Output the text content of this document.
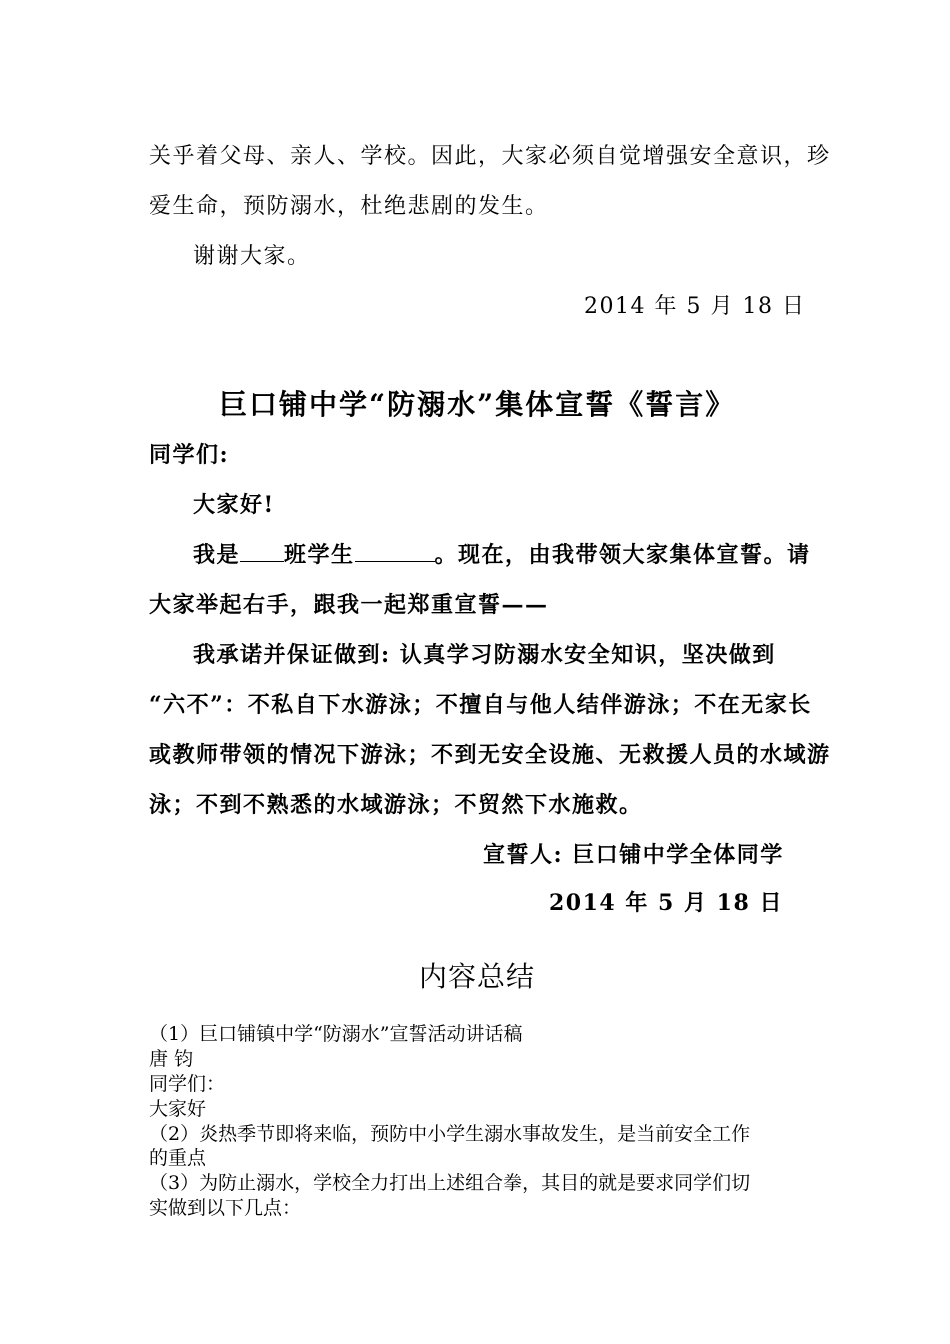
关乎着父母、亲人、学校。因此，大家必须自觉增强安全意识，珍
爱生命，预防溺水，杜绝悲剧的发生。
谢谢大家。
2014 年 5 月 18 日
巨口铺中学“防溺水”集体宣誓《誓言》
同学们:
大家好!
我是 班学生	。现在，由我带领大家集体宣誓。请
大家举起右手，跟我一起郑重宣誓——
我承诺并保证做到: 认真学习防溺水安全知识，坚决做到
“六不”：不私自下水游泳；不擅自与他人结伴游泳；不在无家长
或教师带领的情况下游泳；不到无安全设施、无救援人员的水域游
泳；不到不熟悉的水域游泳；不贸然下水施救。
宣誓人: 巨口铺中学全体同学
2014 年 5 月 18 日
内容总结
（1）巨口铺镇中学“防溺水”宣誓活动讲话稿
唐 钧
同学们：
大家好
（2）炎热季节即将来临，预防中小学生溺水事故发生，是当前安全工作
的重点
（3）为防止溺水，学校全力打出上述组合拳，其目的就是要求同学们切
实做到以下几点：
